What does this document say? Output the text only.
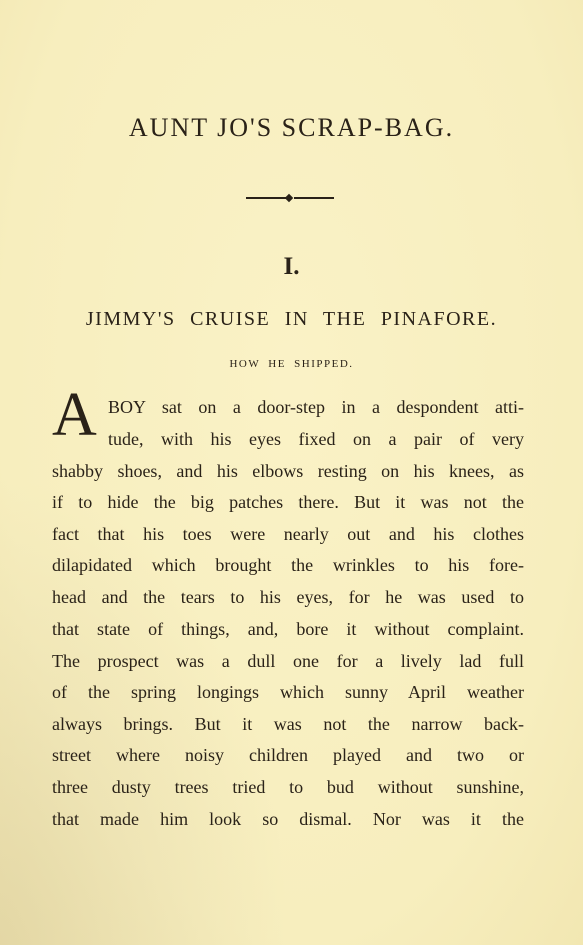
AUNT JO'S SCRAP-BAG.
I.
JIMMY'S CRUISE IN THE PINAFORE.
HOW HE SHIPPED.
A BOY sat on a door-step in a despondent atti-
tude, with his eyes fixed on a pair of very
shabby shoes, and his elbows resting on his knees, as
if to hide the big patches there. But it was not the
fact that his toes were nearly out and his clothes
dilapidated which brought the wrinkles to his fore-
head and the tears to his eyes, for he was used to
that state of things, and, bore it without complaint.
The prospect was a dull one for a lively lad full
of the spring longings which sunny April weather
always brings. But it was not the narrow back-
street where noisy children played and two or
three dusty trees tried to bud without sunshine,
that made him look so dismal. Nor was it the
